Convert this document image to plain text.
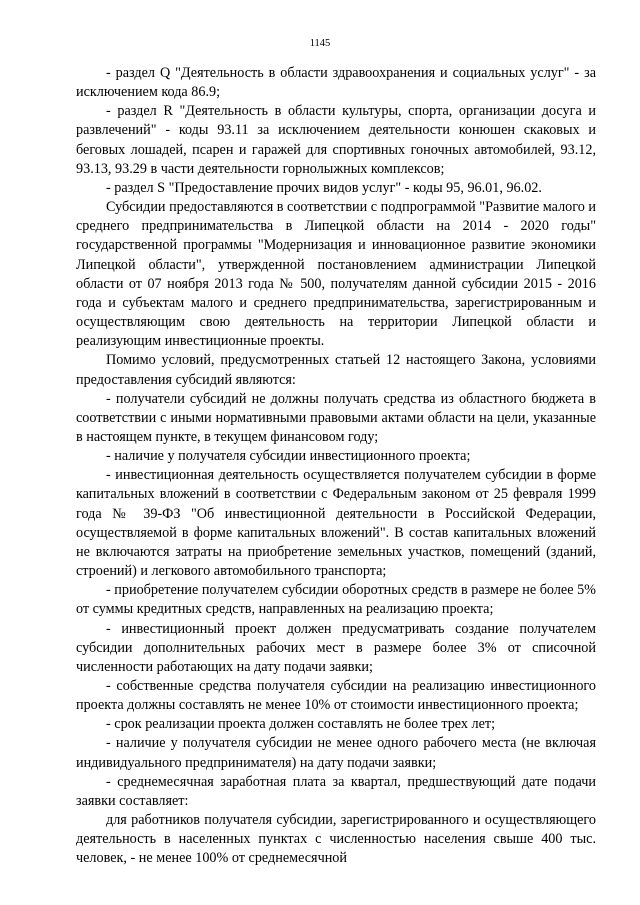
1145

- раздел Q "Деятельность в области здравоохранения и социальных услуг" - за исключением кода 86.9;

- раздел R "Деятельность в области культуры, спорта, организации досуга и развлечений" - коды 93.11 за исключением деятельности конюшен скаковых и беговых лошадей, псарен и гаражей для спортивных гоночных автомобилей, 93.12, 93.13, 93.29 в части деятельности горнолыжных комплексов;

- раздел S "Предоставление прочих видов услуг" - коды 95, 96.01, 96.02.

Субсидии предоставляются в соответствии с подпрограммой "Развитие малого и среднего предпринимательства в Липецкой области на 2014 - 2020 годы" государственной программы "Модернизация и инновационное развитие экономики Липецкой области", утвержденной постановлением администрации Липецкой области от 07 ноября 2013 года № 500, получателям данной субсидии 2015 - 2016 года и субъектам малого и среднего предпринимательства, зарегистрированным и осуществляющим свою деятельность на территории Липецкой области и реализующим инвестиционные проекты.

Помимо условий, предусмотренных статьей 12 настоящего Закона, условиями предоставления субсидий являются:

- получатели субсидий не должны получать средства из областного бюджета в соответствии с иными нормативными правовыми актами области на цели, указанные в настоящем пункте, в текущем финансовом году;

- наличие у получателя субсидии инвестиционного проекта;

- инвестиционная деятельность осуществляется получателем субсидии в форме капитальных вложений в соответствии с Федеральным законом от 25 февраля 1999 года № 39-ФЗ "Об инвестиционной деятельности в Российской Федерации, осуществляемой в форме капитальных вложений". В состав капитальных вложений не включаются затраты на приобретение земельных участков, помещений (зданий, строений) и легкового автомобильного транспорта;

- приобретение получателем субсидии оборотных средств в размере не более 5% от суммы кредитных средств, направленных на реализацию проекта;

- инвестиционный проект должен предусматривать создание получателем субсидии дополнительных рабочих мест в размере более 3% от списочной численности работающих на дату подачи заявки;

- собственные средства получателя субсидии на реализацию инвестиционного проекта должны составлять не менее 10% от стоимости инвестиционного проекта;

- срок реализации проекта должен составлять не более трех лет;

- наличие у получателя субсидии не менее одного рабочего места (не включая индивидуального предпринимателя) на дату подачи заявки;

- среднемесячная заработная плата за квартал, предшествующий дате подачи заявки составляет:

для работников получателя субсидии, зарегистрированного и осуществляющего деятельность в населенных пунктах с численностью населения свыше 400 тыс. человек, - не менее 100% от среднемесячной
